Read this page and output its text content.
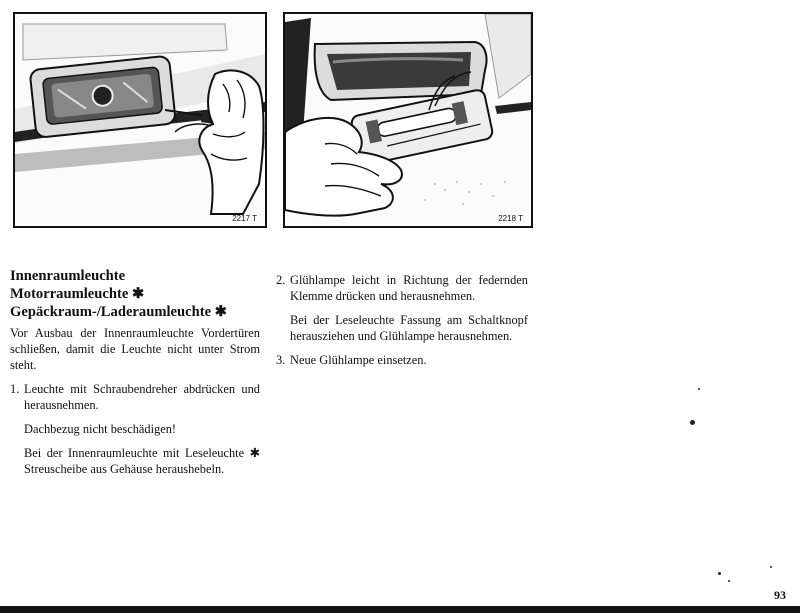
2217 T	2218 T
Innenraumleuchte
Motorraumleuchte ✱
Gepäckraum-/Laderaumleuchte ✱

Vor Ausbau der Innenraumleuchte Vordertüren schließen, damit die Leuchte nicht unter Strom steht.

1. Leuchte mit Schraubendreher abdrücken und herausnehmen.

Dachbezug nicht beschädigen!

Bei der Innenraumleuchte mit Leseleuchte ✱ Streuscheibe aus Gehäuse heraushebeln.

2. Glühlampe leicht in Richtung der federnden Klemme drücken und herausnehmen.

Bei der Leseleuchte Fassung am Schaltknopf herausziehen und Glühlampe herausnehmen.

3. Neue Glühlampe einsetzen.
93
